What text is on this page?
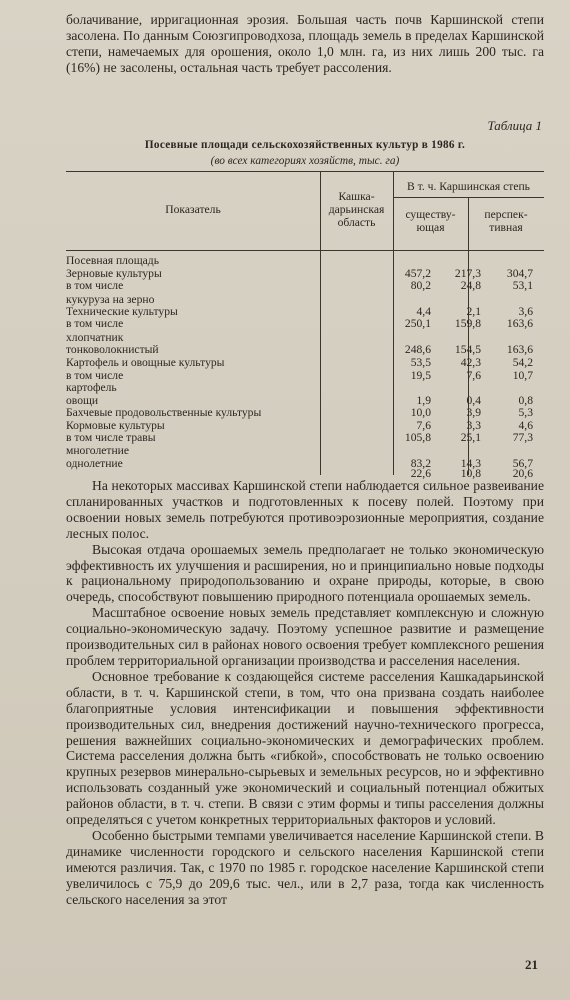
болачивание, ирригационная эрозия. Большая часть почв Каршинской степи засолена. По данным Союзгипроводхоза, площадь земель в пределах Каршинской степи, намечаемых для орошения, около 1,0 млн. га, из них лишь 200 тыс. га (16%) не засолены, остальная часть требует рассоления.

Таблица 1

Посевные площади сельскохозяйственных культур в 1986 г.

(во всех категориях хозяйств, тыс. га)

Показатель
Кашка-
дарьинская
область
В т. ч. Каршинская степь
существу-
ющая
перспек-
тивная
Посевная площадь
Зерновые культуры	457,2	217,3	304,7
в том числе	80,2	24,8	53,1
кукуруза на зерно
Технические культуры	4,4	2,1	3,6
в том числе	250,1	159,8	163,6
хлопчатник
тонковолокнистый	248,6	154,5	163,6
Картофель и овощные культуры	53,5	42,3	54,2
в том числе	19,5	7,6	10,7
картофель
овощи	1,9	0,4	0,8
Бахчевые продовольственные культуры	10,0	3,9	5,3
Кормовые культуры	7,6	3,3	4,6
в том числе травы	105,8	25,1	77,3
многолетние
однолетние	83,2	14,3	56,7
22,6	10,8	20,6

На некоторых массивах Каршинской степи наблюдается сильное развеивание спланированных участков и подготовленных к посеву полей. Поэтому при освоении новых земель потребуются противоэрозионные мероприятия, создание лесных полос.

Высокая отдача орошаемых земель предполагает не только экономическую эффективность их улучшения и расширения, но и принципиально новые подходы к рациональному природопользованию и охране природы, которые, в свою очередь, способствуют повышению природного потенциала орошаемых земель.

Масштабное освоение новых земель представляет комплексную и сложную социально-экономическую задачу. Поэтому успешное развитие и размещение производительных сил в районах нового освоения требует комплексного решения проблем территориальной организации производства и расселения населения.

Основное требование к создающейся системе расселения Кашкадарьинской области, в т. ч. Каршинской степи, в том, что она призвана создать наиболее благоприятные условия интенсификации и повышения эффективности производительных сил, внедрения достижений научно-технического прогресса, решения важнейших социально-экономических и демографических проблем. Система расселения должна быть «гибкой», способствовать не только освоению крупных резервов минерально-сырьевых и земельных ресурсов, но и эффективно использовать созданный уже экономический и социальный потенциал обжитых районов области, в т. ч. степи. В связи с этим формы и типы расселения должны определяться с учетом конкретных территориальных факторов и условий.

Особенно быстрыми темпами увеличивается население Каршинской степи. В динамике численности городского и сельского населения Каршинской степи имеются различия. Так, с 1970 по 1985 г. городское население Каршинской степи увеличилось с 75,9 до 209,6 тыс. чел., или в 2,7 раза, тогда как численность сельского населения за этот

21
